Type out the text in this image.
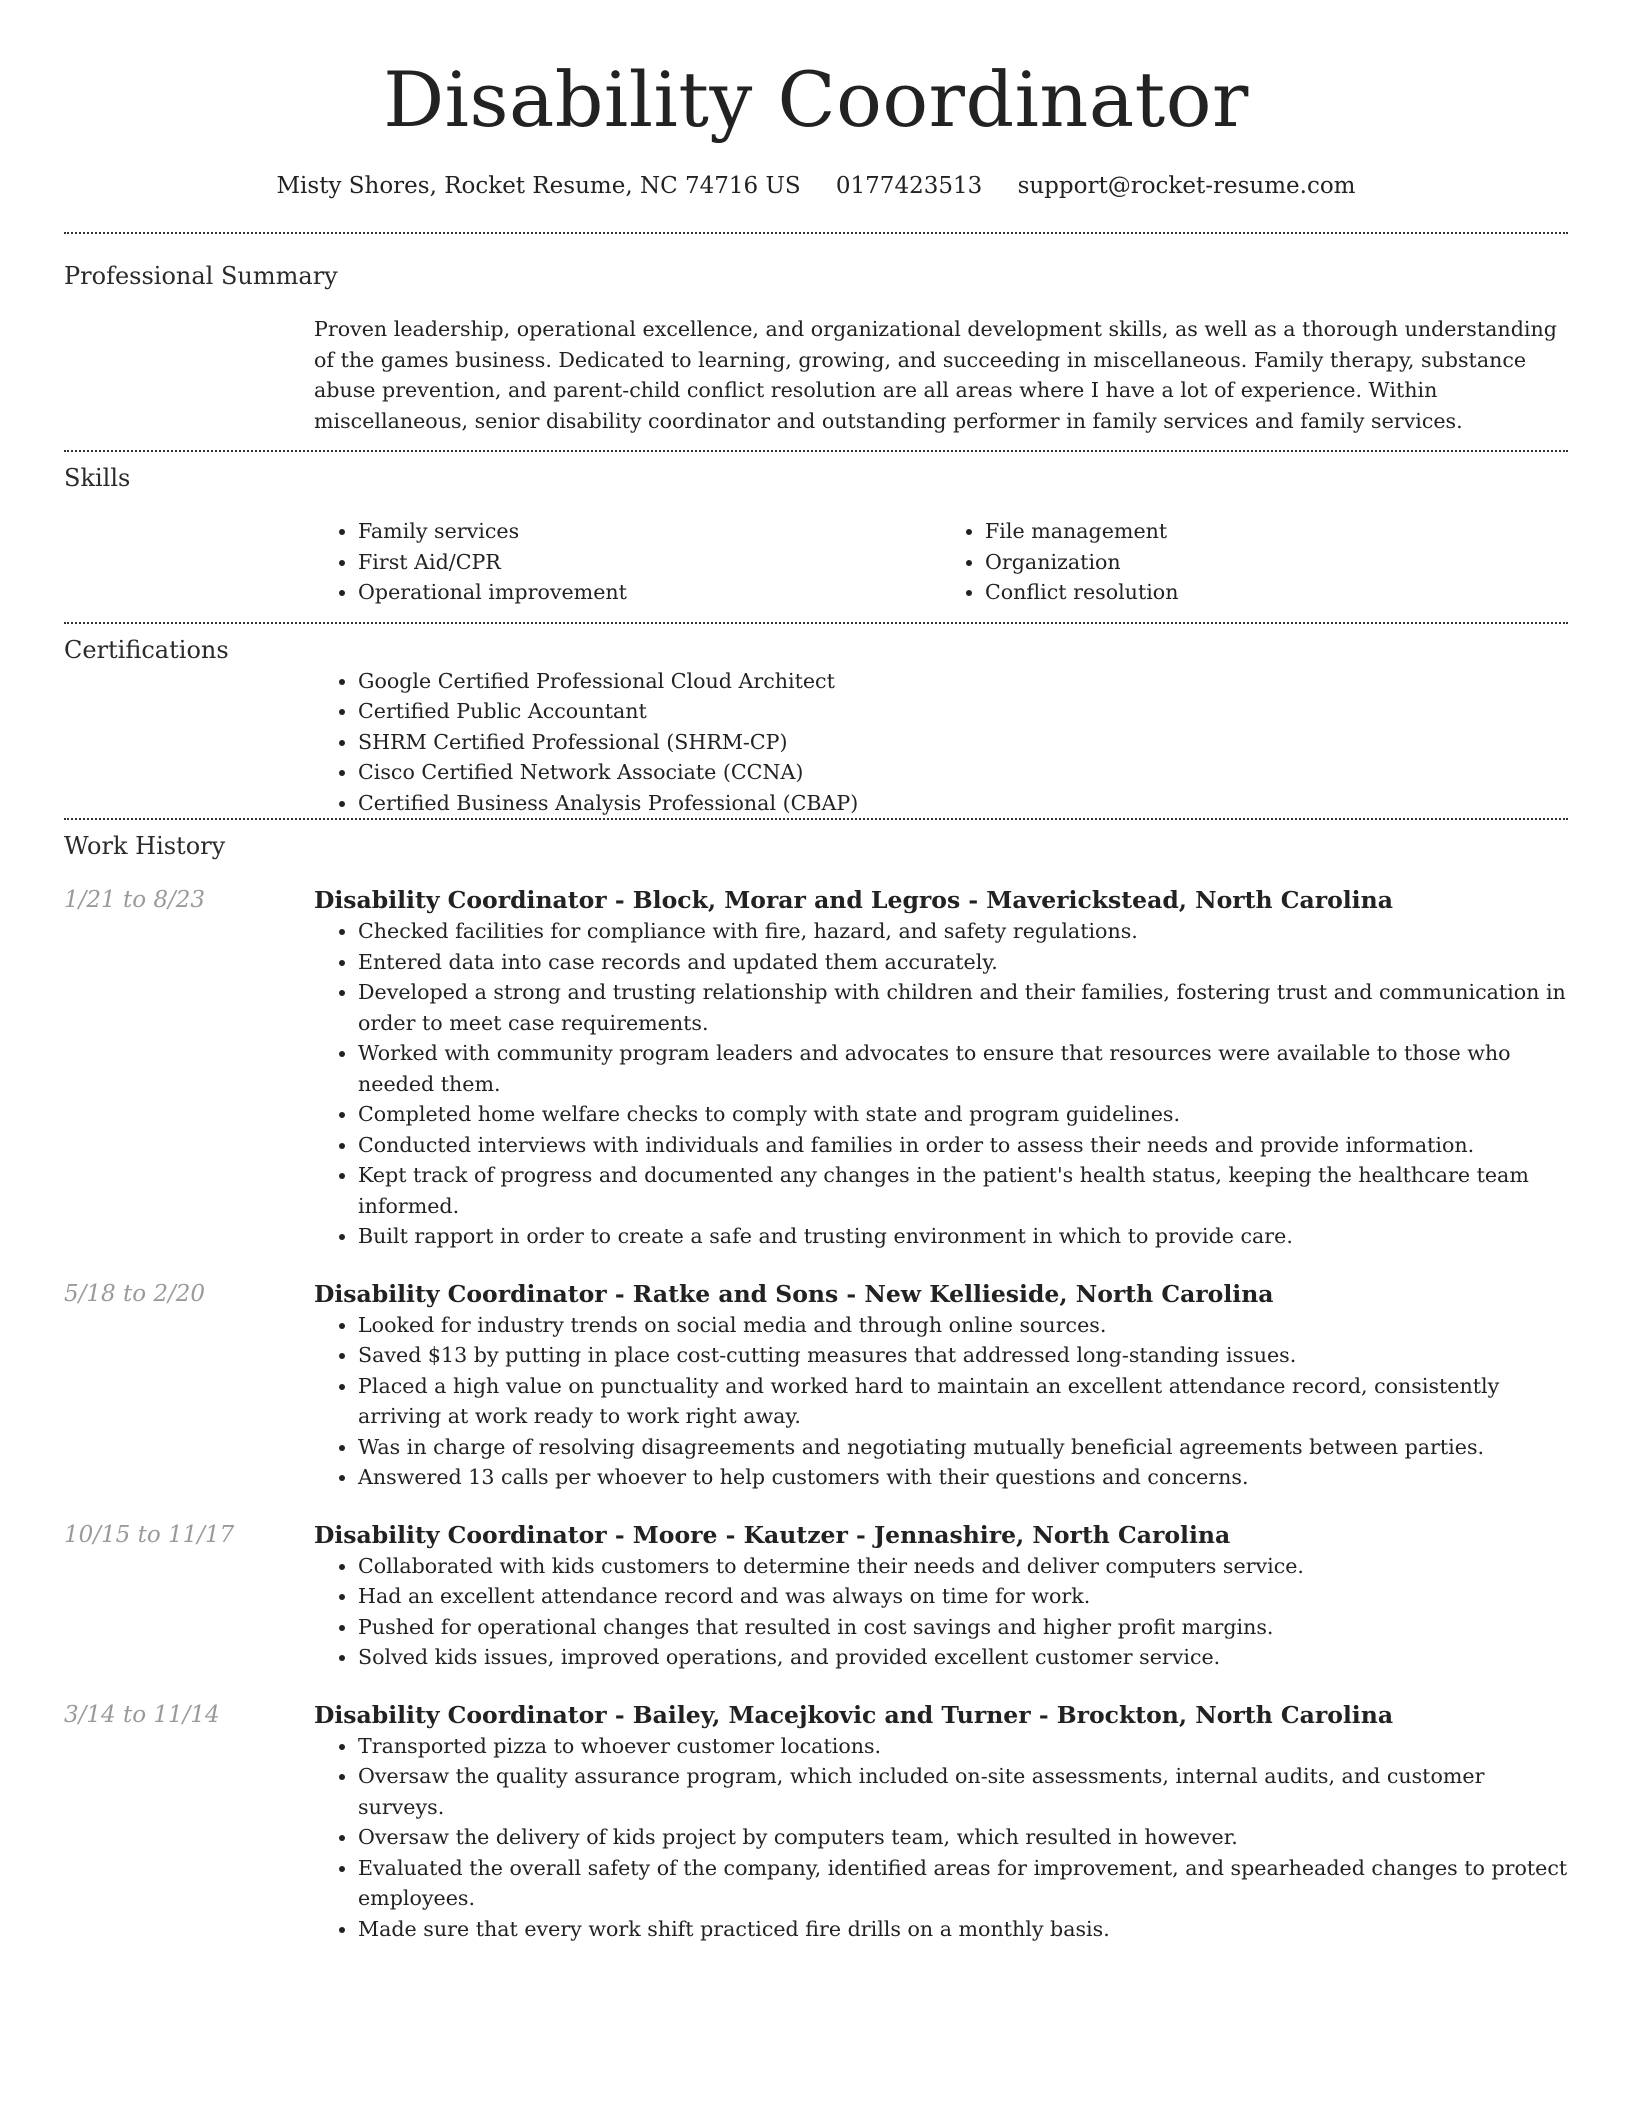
Disability Coordinator
Misty Shores, Rocket Resume, NC 74716 US 0177423513 support@rocket-resume.com
Professional Summary

Proven leadership, operational excellence, and organizational development skills, as well as a thorough understanding of the games business. Dedicated to learning, growing, and succeeding in miscellaneous. Family therapy, substance abuse prevention, and parent-child conflict resolution are all areas where I have a lot of experience. Within miscellaneous, senior disability coordinator and outstanding performer in family services and family services.

Skills
• Family services
• First Aid/CPR
• Operational improvement
• File management
• Organization
• Conflict resolution
Certifications
• Google Certified Professional Cloud Architect
• Certified Public Accountant
• SHRM Certified Professional (SHRM-CP)
• Cisco Certified Network Associate (CCNA)
• Certified Business Analysis Professional (CBAP)
Work History
1/21 to 8/23	Disability Coordinator - Block, Morar and Legros - Maverickstead, North Carolina
• Checked facilities for compliance with fire, hazard, and safety regulations.
• Entered data into case records and updated them accurately.
• Developed a strong and trusting relationship with children and their families, fostering trust and communication in order to meet case requirements.
• Worked with community program leaders and advocates to ensure that resources were available to those who needed them.
• Completed home welfare checks to comply with state and program guidelines.
• Conducted interviews with individuals and families in order to assess their needs and provide information.
• Kept track of progress and documented any changes in the patient's health status, keeping the healthcare team informed.
• Built rapport in order to create a safe and trusting environment in which to provide care.
5/18 to 2/20	Disability Coordinator - Ratke and Sons - New Kellieside, North Carolina
• Looked for industry trends on social media and through online sources.
• Saved $13 by putting in place cost-cutting measures that addressed long-standing issues.
• Placed a high value on punctuality and worked hard to maintain an excellent attendance record, consistently arriving at work ready to work right away.
• Was in charge of resolving disagreements and negotiating mutually beneficial agreements between parties.
• Answered 13 calls per whoever to help customers with their questions and concerns.
10/15 to 11/17	Disability Coordinator - Moore - Kautzer - Jennashire, North Carolina
• Collaborated with kids customers to determine their needs and deliver computers service.
• Had an excellent attendance record and was always on time for work.
• Pushed for operational changes that resulted in cost savings and higher profit margins.
• Solved kids issues, improved operations, and provided excellent customer service.
3/14 to 11/14	Disability Coordinator - Bailey, Macejkovic and Turner - Brockton, North Carolina
• Transported pizza to whoever customer locations.
• Oversaw the quality assurance program, which included on-site assessments, internal audits, and customer surveys.
• Oversaw the delivery of kids project by computers team, which resulted in however.
• Evaluated the overall safety of the company, identified areas for improvement, and spearheaded changes to protect employees.
• Made sure that every work shift practiced fire drills on a monthly basis.
